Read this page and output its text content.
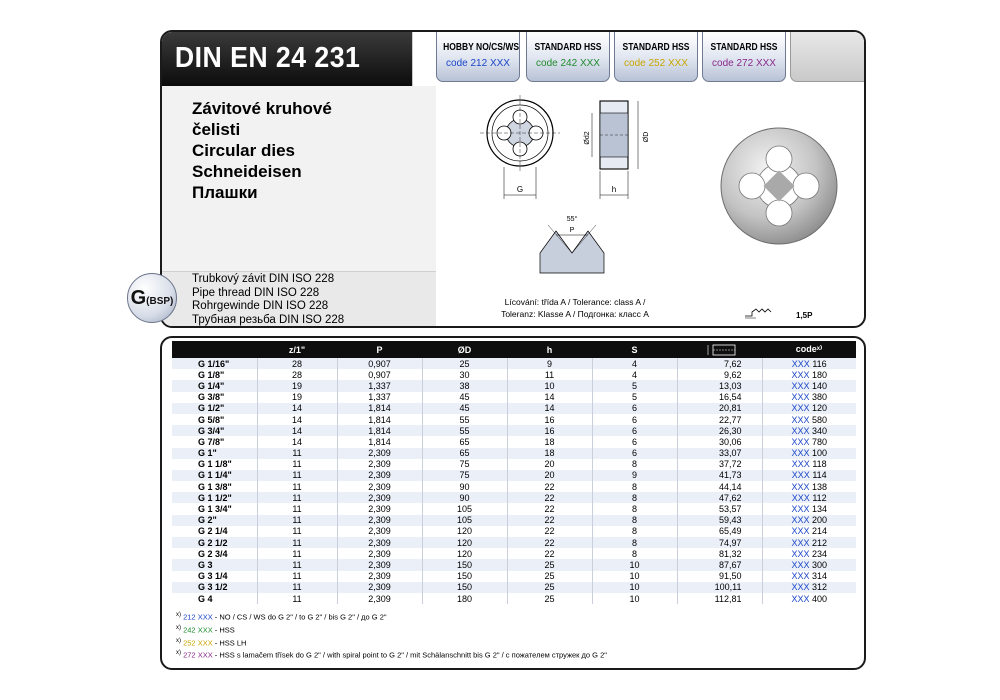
DIN EN 24 231	HOBBY NO/CS/WS
code 212 XXX
STANDARD HSS
code 242 XXX
STANDARD HSS
code 252 XXX
STANDARD HSS
code 272 XXX
Závitové kruhové
čelisti
Circular dies
Schneideisen
Плашки
Trubkový závit DIN ISO 228
Pipe thread DIN ISO 228
Rohrgewinde DIN ISO 228
Трубная резьба DIN ISO 228
G (BSP)
G
Ød2	ØD
h
55°
P
Lícování: třída A / Tolerance: class A /
Toleranz: Klasse A / Подгонка: класс A	1,5P
	z/1"	P	ØD	h	S		codeˣ⁾
G 1/16"	28	0,907	25	9	4	7,62	XXX 116
G 1/8"	28	0,907	30	11	4	9,62	XXX 180
G 1/4"	19	1,337	38	10	5	13,03	XXX 140
G 3/8"	19	1,337	45	14	5	16,54	XXX 380
G 1/2"	14	1,814	45	14	6	20,81	XXX 120
G 5/8"	14	1,814	55	16	6	22,77	XXX 580
G 3/4"	14	1,814	55	16	6	26,30	XXX 340
G 7/8"	14	1,814	65	18	6	30,06	XXX 780
G 1"	11	2,309	65	18	6	33,07	XXX 100
G 1 1/8"	11	2,309	75	20	8	37,72	XXX 118
G 1 1/4"	11	2,309	75	20	9	41,73	XXX 114
G 1 3/8"	11	2,309	90	22	8	44,14	XXX 138
G 1 1/2"	11	2,309	90	22	8	47,62	XXX 112
G 1 3/4"	11	2,309	105	22	8	53,57	XXX 134
G 2"	11	2,309	105	22	8	59,43	XXX 200
G 2 1/4	11	2,309	120	22	8	65,49	XXX 214
G 2 1/2	11	2,309	120	22	8	74,97	XXX 212
G 2 3/4	11	2,309	120	22	8	81,32	XXX 234
G 3	11	2,309	150	25	10	87,67	XXX 300
G 3 1/4	11	2,309	150	25	10	91,50	XXX 314
G 3 1/2	11	2,309	150	25	10	100,11	XXX 312
G 4	11	2,309	180	25	10	112,81	XXX 400
$^{x)}$ 212 XXX - NO / CS / WS do G 2" / to G 2" / bis G 2" / до G 2"
$^{x)}$ 242 XXX - HSS
$^{x)}$ 252 XXX - HSS LH
$^{x)}$ 272 XXX - HSS s lamačem třísek do G 2" / with spiral point to G 2" / mit Schälanschnitt bis G 2" / с пожателем стружек до G 2"
